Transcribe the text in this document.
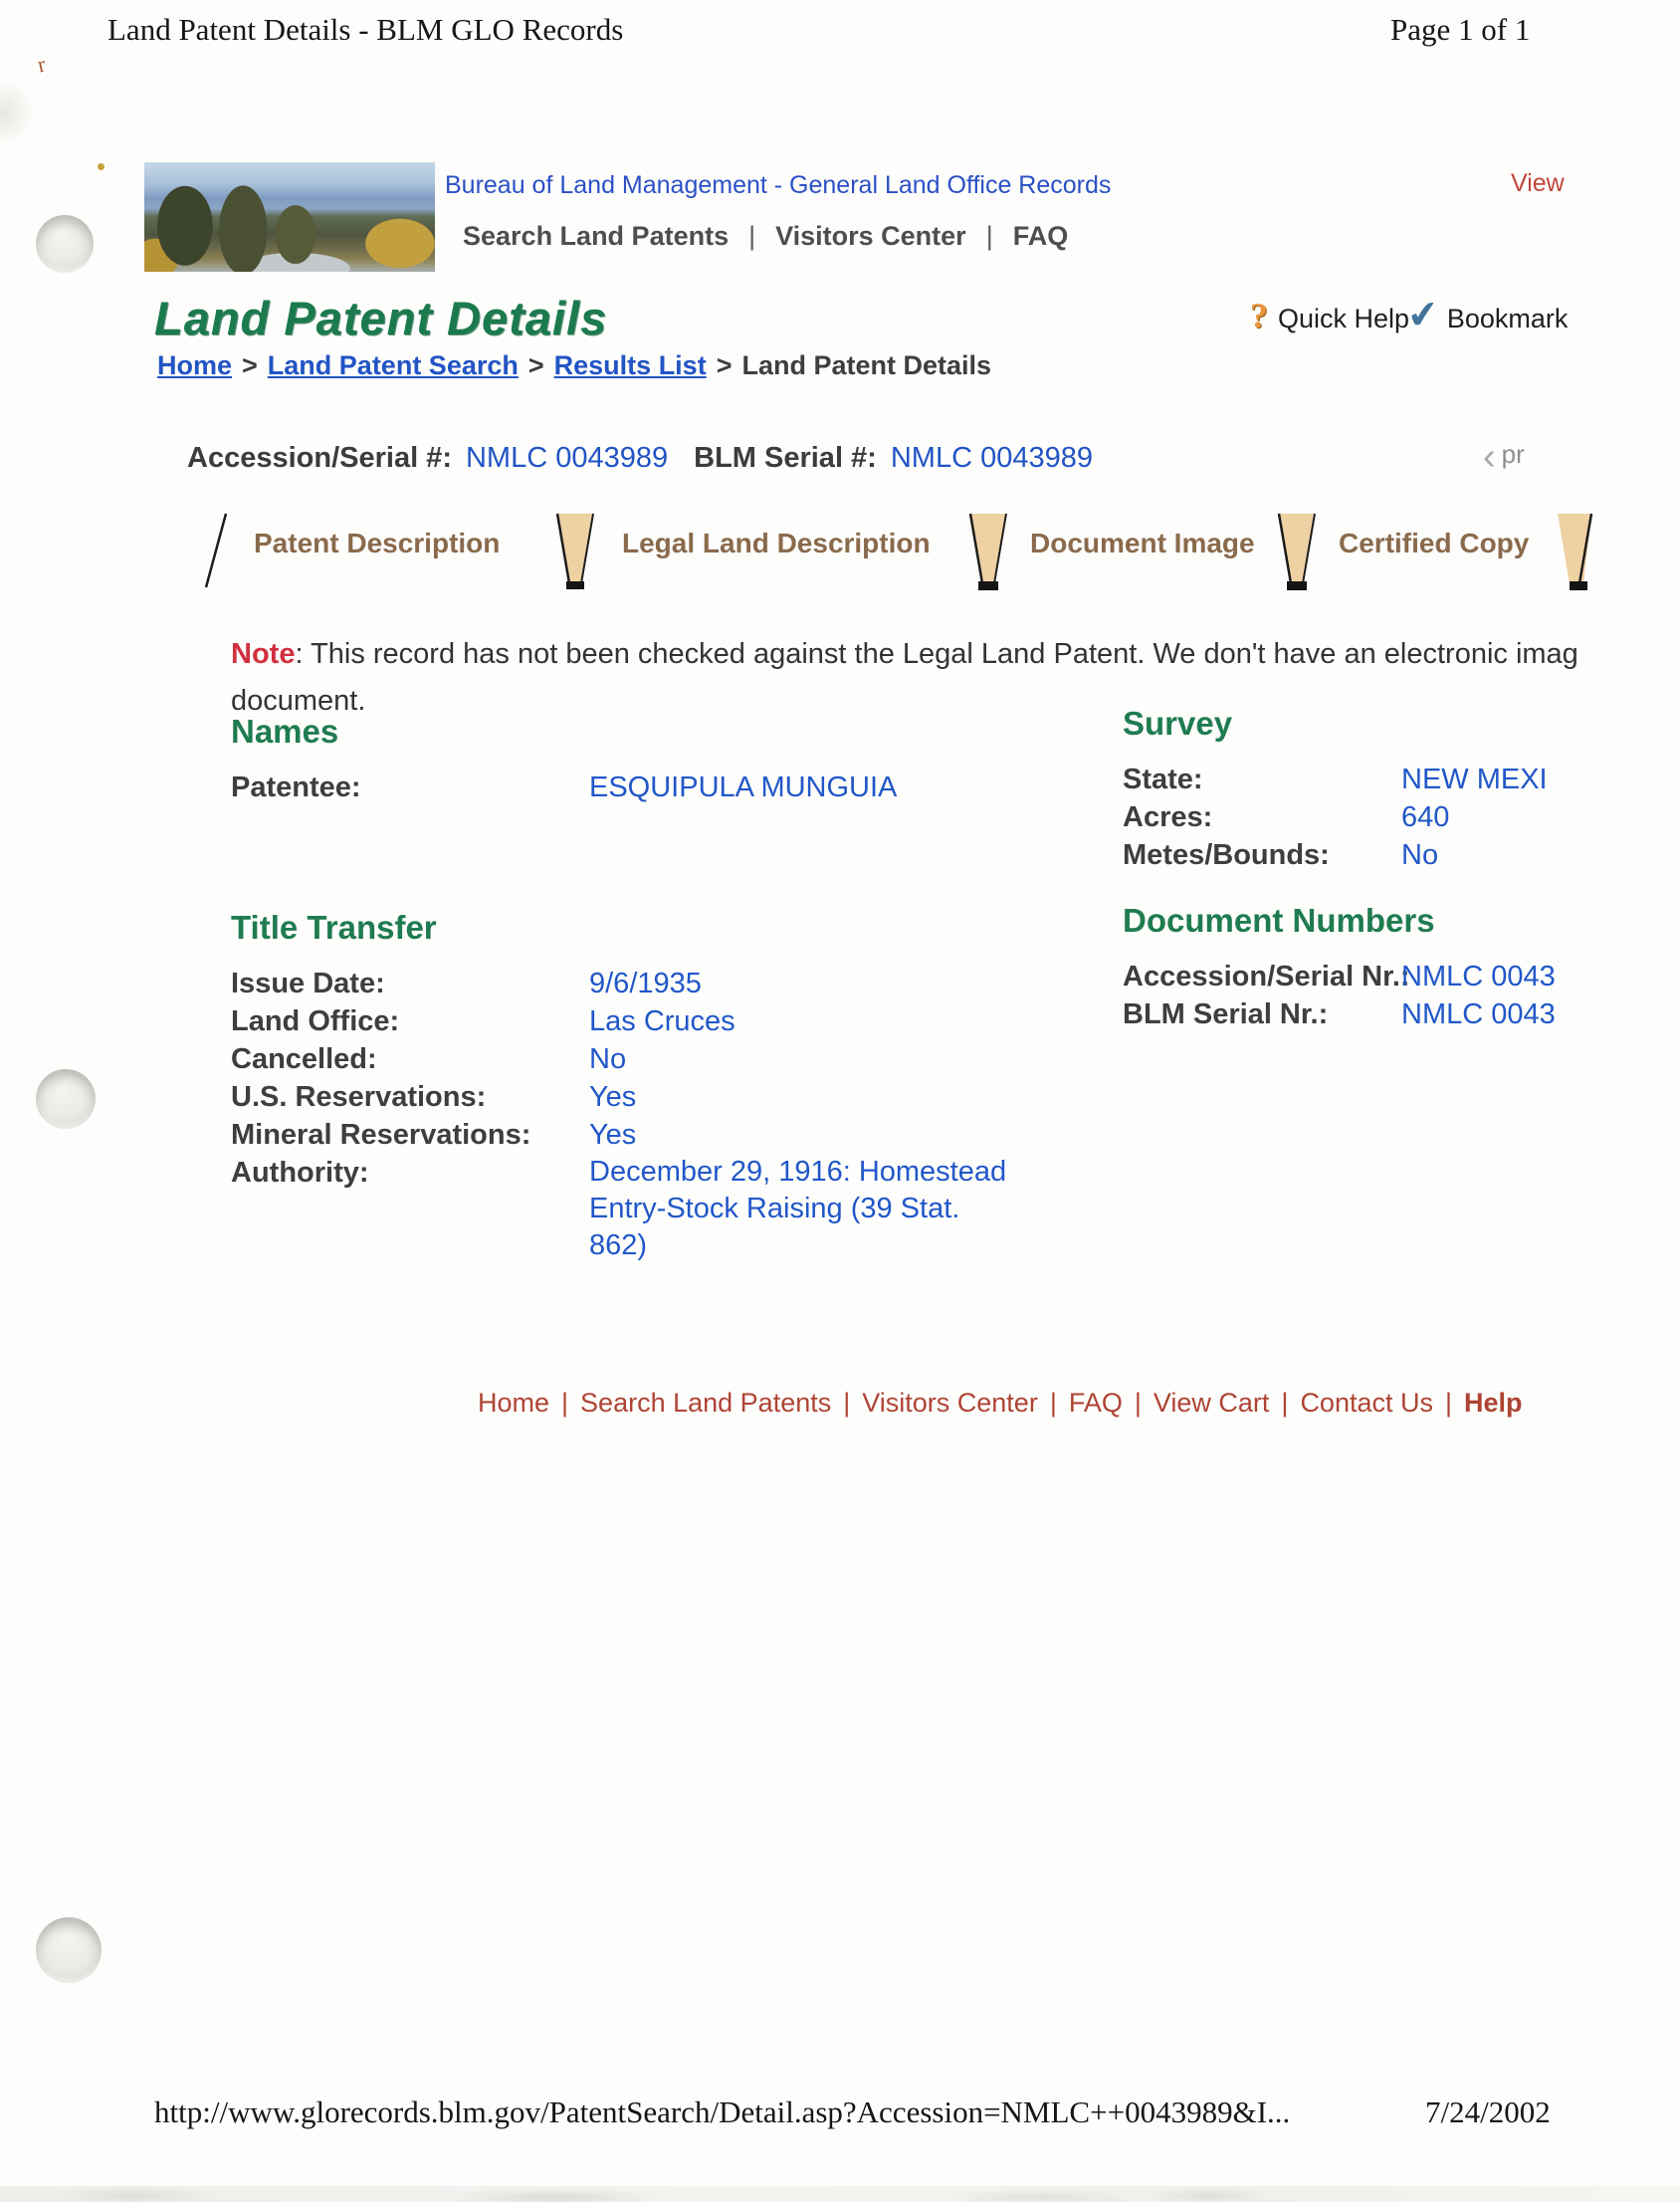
Land Patent Details - BLM GLO Records	Page 1 of 1
r
Bureau of Land Management - General Land Office Records
Search Land Patents | Visitors Center | FAQ
View
Land Patent Details	? Quick Help
✔ Bookmark
Home > Land Patent Search > Results List > Land Patent Details
Accession/Serial #: NMLC 0043989 BLM Serial #: NMLC 0043989	‹ pr
Patent Description	Legal Land Description	Document Image	Certified Copy
Note: This record has not been checked against the Legal Land Patent. We don't have an electronic imag
document.
Names
Patentee:	ESQUIPULA MUNGUIA
Survey
State:	NEW MEXI
Acres:	640
Metes/Bounds: No
Title Transfer
Issue Date:	9/6/1935
Land Office:	Las Cruces
Cancelled:	No
U.S. Reservations:	Yes
Mineral Reservations: Yes
Authority:	December 29, 1916: Homestead Entry-Stock Raising (39 Stat. 862)
Document Numbers
Accession/Serial Nr.:NMLC 0043
BLM Serial Nr.:	NMLC 0043
Home | Search Land Patents | Visitors Center | FAQ | View Cart | Contact Us | Help
http://www.glorecords.blm.gov/PatentSearch/Detail.asp?Accession=NMLC++0043989&I...	7/24/2002
